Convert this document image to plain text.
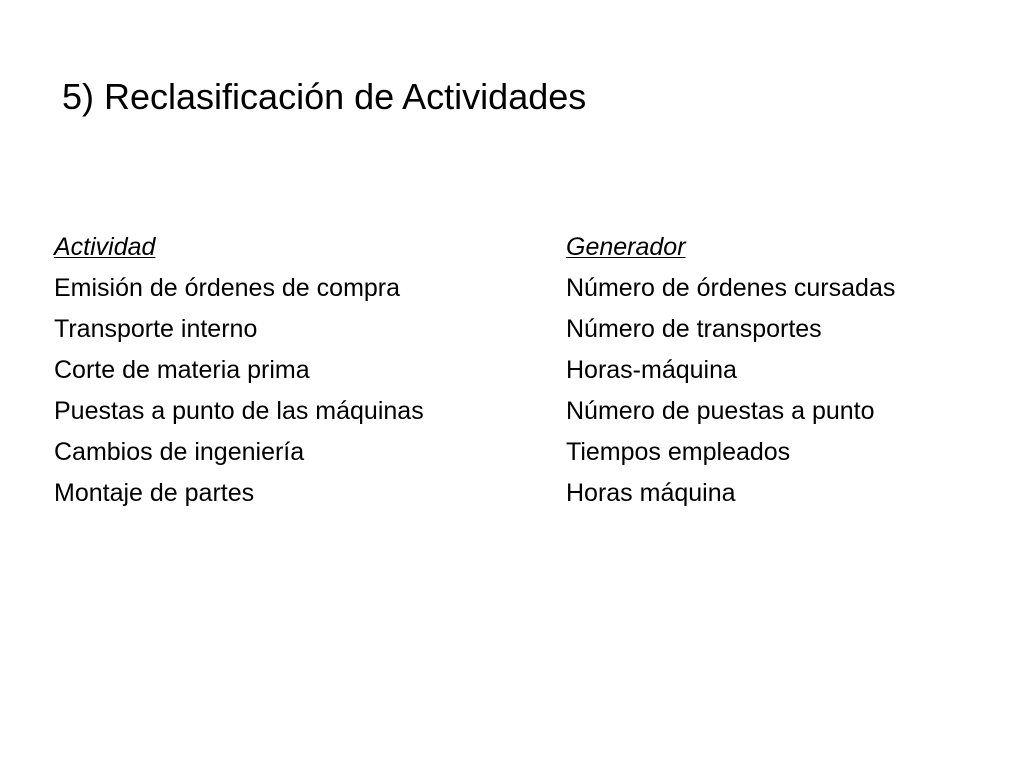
5) Reclasificación de Actividades
Actividad
Emisión de órdenes de compra
Transporte interno
Corte de materia prima
Puestas a punto de las máquinas
Cambios de ingeniería
Montaje de partes
Generador
Número de órdenes cursadas
Número de transportes
Horas-máquina
Número de puestas a punto
Tiempos empleados
Horas máquina
